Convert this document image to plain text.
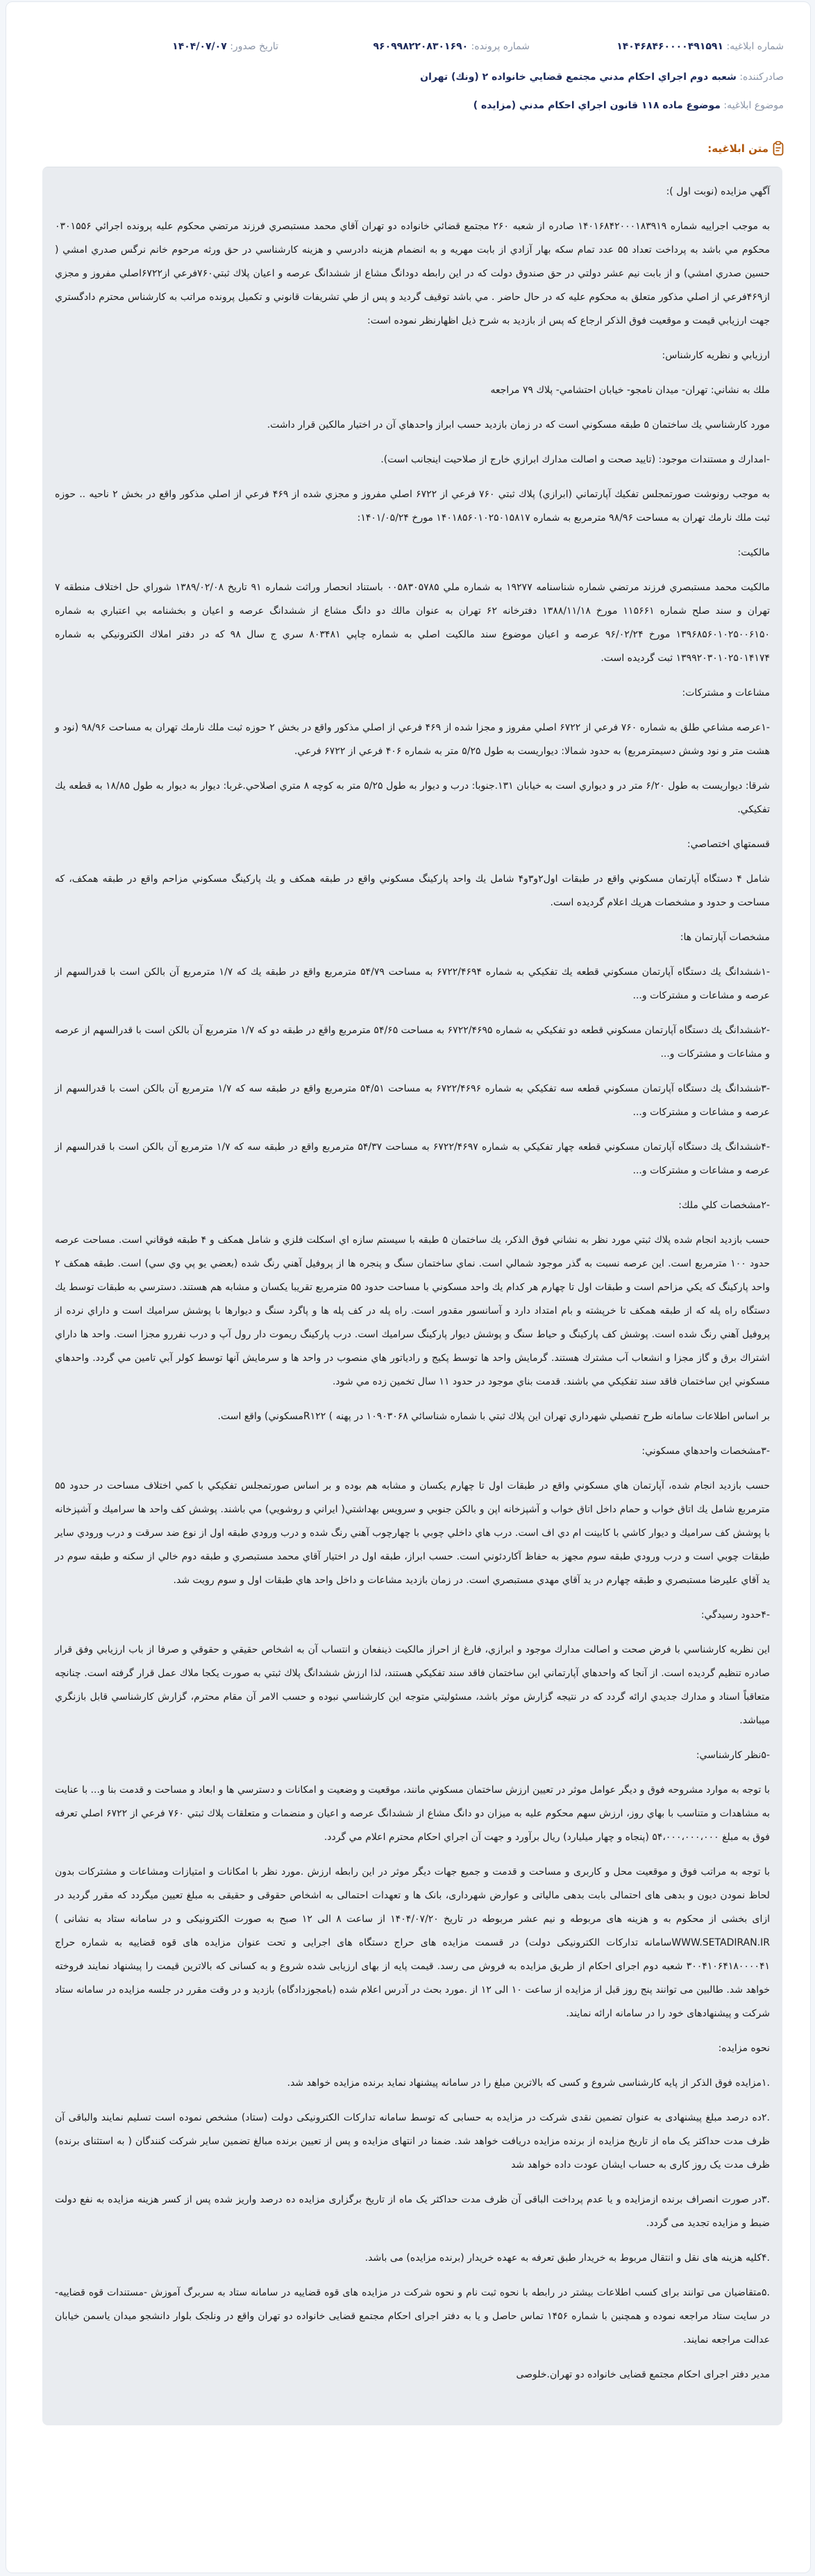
شماره ابلاغيه: ۱۴۰۴۶۸۴۶۰۰۰۰۴۹۱۵۹۱
شماره پرونده: ۹۶۰۹۹۸۲۲۰۸۳۰۱۶۹۰
تاريخ صدور: ۱۴۰۴/۰۷/۰۷
صادركننده: شعبه دوم اجراي احكام مدني مجتمع قضايي خانواده ۲ (ونك) تهران
موضوع ابلاغيه: موضوع ماده ۱۱۸ قانون اجراي احكام مدني (مزايده )
متن ابلاغيه:

آگهي مزايده (نوبت اول ):

به موجب اجراييه شماره ۱۴۰۱۶۸۴۲۰۰۰۱۸۳۹۱۹ صادره از شعبه ۲۶۰ مجتمع قضائي خانواده دو تهران آقاي محمد مستبصري فرزند مرتضي محكوم عليه پرونده اجرائي ۰۳۰۱۵۵۶ محكوم مي باشد به پرداخت تعداد ۵۵ عدد تمام سكه بهار آزادي از بابت مهريه و به انضمام هزينه دادرسي و هزينه كارشناسي در حق ورثه مرحوم خانم نرگس صدري امشي ( حسين صدري امشي) و از بابت نيم عشر دولتي در حق صندوق دولت كه در اين رابطه دودانگ مشاع از ششدانگ عرصه و اعيان پلاك ثبتي۷۶۰فرعي از۶۷۲۲اصلي مفروز و مجزي از۴۶۹فرعي از اصلي مذكور متعلق به محكوم عليه كه در حال حاضر . مي باشد توقيف گرديد و پس از طي تشريفات قانوني و تكميل پرونده مراتب به كارشناس محترم دادگستري جهت ارزيابي قيمت و موقعيت فوق الذكر ارجاع كه پس از بازديد به شرح ذيل اظهارنظر نموده است:

ارزيابي و نظريه كارشناس:

ملك به نشاني: تهران- ميدان نامجو- خيابان احتشامي- پلاك ۷۹ مراجعه

مورد كارشناسي يك ساختمان ۵ طبقه مسكوني است كه در زمان بازديد حسب ابراز واحدهاي آن در اختيار مالكين قرار داشت.

-امدارك و مستندات موجود: (تاييد صحت و اصالت مدارك ابرازي خارج از صلاحيت اينجانب است).

به موجب رونوشت صورتمجلس تفكيك آپارتماني (ابرازي) پلاك ثبتي ۷۶۰ فرعي از ۶۷۲۲ اصلي مفروز و مجزي شده از ۴۶۹ فرعي از اصلي مذكور واقع در بخش ۲ ناحيه .. حوزه ثبت ملك نارمك تهران به مساحت ۹۸/۹۶ مترمربع به شماره ۱۴۰۱۸۵۶۰۱۰۲۵۰۱۵۸۱۷ مورخ ۱۴۰۱/۰۵/۲۴:

مالكيت:

مالكيت محمد مستبصري فرزند مرتضي شماره شناسنامه ۱۹۲۷۷ به شماره ملي ۰۰۵۸۳۰۵۷۸۵ باستناد انحصار وراثت شماره ۹۱ تاريخ ۱۳۸۹/۰۲/۰۸ شوراي حل اختلاف منطقه ۷ تهران و سند صلح شماره ۱۱۵۶۶۱ مورخ ۱۳۸۸/۱۱/۱۸ دفترخانه ۶۲ تهران به عنوان مالك دو دانگ مشاع از ششدانگ عرصه و اعيان و بخشنامه بي اعتباري به شماره ۱۳۹۶۸۵۶۰۱۰۲۵۰۰۶۱۵۰ مورخ ۹۶/۰۲/۲۴ عرصه و اعيان موضوع سند مالكيت اصلي به شماره چاپي ۸۰۳۴۸۱ سري ج سال ۹۸ كه در دفتر املاك الكترونيكي به شماره ۱۳۹۹۲۰۳۰۱۰۲۵۰۱۴۱۷۴ ثبت گرديده است.

مشاعات و مشتركات:

-۱عرصه مشاعي طلق به شماره ۷۶۰ فرعي از ۶۷۲۲ اصلي مفروز و مجزا شده از ۴۶۹ فرعي از اصلي مذكور واقع در بخش ۲ حوزه ثبت ملك نارمك تهران به مساحت ۹۸/۹۶ (نود و هشت متر و نود وشش دسيمترمربع) به حدود شمالا: ديواريست به طول ۵/۲۵ متر به شماره ۴۰۶ فرعي از ۶۷۲۲ فرعي.

شرقا: ديواريست به طول ۶/۲۰ متر در و ديواري است به خيابان ۱۳۱.جنوبا: درب و ديوار به طول ۵/۲۵ متر به كوچه ۸ متري اصلاحي.غربا: ديوار به ديوار به طول ۱۸/۸۵ به قطعه يك تفكيكي.

قسمتهاي اختصاصي:

شامل ۴ دستگاه آپارتمان مسكوني واقع در طبقات اول۲و۳و۴ شامل يك واحد پاركينگ مسكوني واقع در طبقه همكف و يك پاركينگ مسكوني مزاحم واقع در طبقه همكف، كه مساحت و حدود و مشخصات هريك اعلام گرديده است.

مشخصات آپارتمان ها:

-۱ششدانگ يك دستگاه آپارتمان مسكوني قطعه يك تفكيكي به شماره ۶۷۲۲/۴۶۹۴ به مساحت ۵۴/۷۹ مترمربع واقع در طبقه يك كه ۱/۷ مترمربع آن بالكن است با قدرالسهم از عرصه و مشاعات و مشتركات و...

-۲ششدانگ يك دستگاه آپارتمان مسكوني قطعه دو تفكيكي به شماره ۶۷۲۲/۴۶۹۵ به مساحت ۵۴/۶۵ مترمربع واقع در طبقه دو كه ۱/۷ مترمربع آن بالكن است با قدرالسهم از عرصه و مشاعات و مشتركات و...

-۳ششدانگ يك دستگاه آپارتمان مسكوني قطعه سه تفكيكي به شماره ۶۷۲۲/۴۶۹۶ به مساحت ۵۴/۵۱ مترمربع واقع در طبقه سه كه ۱/۷ مترمربع آن بالكن است با قدرالسهم از عرصه و مشاعات و مشتركات و...

-۴ششدانگ يك دستگاه آپارتمان مسكوني قطعه چهار تفكيكي به شماره ۶۷۲۲/۴۶۹۷ به مساحت ۵۴/۳۷ مترمربع واقع در طبقه سه كه ۱/۷ مترمربع آن بالكن است با قدرالسهم از عرصه و مشاعات و مشتركات و...

-۲مشخصات كلي ملك:

حسب بازديد انجام شده پلاك ثبتي مورد نظر به نشاني فوق الذكر، يك ساختمان ۵ طبقه با سيستم سازه اي اسكلت فلزي و شامل همكف و ۴ طبقه فوقاني است. مساحت عرصه حدود ۱۰۰ مترمربع است. اين عرصه نسبت به گذر موجود شمالي است. نماي ساختمان سنگ و پنجره ها از پروفيل آهني رنگ شده (بعضي يو پي وي سي) است. طبقه همكف ۲ واحد پاركينگ كه يكي مزاحم است و طبقات اول تا چهارم هر كدام يك واحد مسكوني با مساحت حدود ۵۵ مترمربع تقريبا يكسان و مشابه هم هستند. دسترسي به طبقات توسط يك دستگاه راه پله كه از طبقه همكف تا خرپشته و بام امتداد دارد و آسانسور مقدور است. راه پله در كف پله ها و پاگرد سنگ و ديوارها با پوشش سراميك است و داراي نرده از پروفيل آهني رنگ شده است. پوشش كف پاركينگ و حياط سنگ و پوشش ديوار پاركينگ سراميك است. درب پاركينگ ريموت دار رول آپ و درب نفررو مجزا است. واحد ها داراي اشتراك برق و گاز مجزا و انشعاب آب مشترك هستند. گرمايش واحد ها توسط پكيج و رادياتور هاي منصوب در واحد ها و سرمايش آنها توسط كولر آبي تامين مي گردد. واحدهاي مسكوني اين ساختمان فاقد سند تفكيكي مي باشند. قدمت بناي موجود در حدود ۱۱ سال تخمين زده مي شود.

بر اساس اطلاعات سامانه طرح تفصيلي شهرداري تهران اين پلاك ثبتي با شماره شناسائي ۱۰۹۰۳۰۶۸ در پهنه ) R۱۲۲مسكوني) واقع است.

-۳مشخصات واحدهاي مسكوني:

حسب بازديد انجام شده، آپارتمان هاي مسكوني واقع در طبقات اول تا چهارم يكسان و مشابه هم بوده و بر اساس صورتمجلس تفكيكي با كمي اختلاف مساحت در حدود ۵۵ مترمربع شامل يك اتاق خواب و حمام داخل اتاق خواب و آشپزخانه اپن و بالكن جنوبي و سرويس بهداشتي( ايراني و روشويي) مي باشند. پوشش كف واحد ها سراميك و آشپزخانه با پوشش كف سراميك و ديوار كاشي با كابينت ام دي اف است. درب هاي داخلي چوبي با چهارچوب آهني رنگ شده و درب ورودي طبقه اول از نوع ضد سرقت و درب ورودي ساير طبقات چوبي است و درب ورودي طبقه سوم مجهز به حفاظ آكاردئوني است. حسب ابراز، طبقه اول در اختيار آقاي محمد مستبصري و طبقه دوم خالي از سكنه و طبقه سوم در يد آقاي عليرضا مستبصري و طبقه چهارم در يد آقاي مهدي مستبصري است. در زمان بازديد مشاعات و داخل واحد هاي طبقات اول و سوم رويت شد.

-۴حدود رسيدگي:

اين نظريه كارشناسي با فرض صحت و اصالت مدارك موجود و ابرازي، فارغ از احراز مالكيت ذينفعان و انتساب آن به اشخاص حقيقي و حقوقي و صرفا از باب ارزيابي وفق قرار صادره تنظيم گرديده است. از آنجا كه واحدهاي آپارتماني اين ساختمان فاقد سند تفكيكي هستند، لذا ارزش ششدانگ پلاك ثبتي به صورت يكجا ملاك عمل قرار گرفته است. چنانچه متعاقباً اسناد و مدارك جديدي ارائه گردد كه در نتيجه گزارش موثر باشد، مسئوليتي متوجه اين كارشناسي نبوده و حسب الامر آن مقام محترم، گزارش كارشناسي قابل بازنگري ميباشد.

-۵نظر كارشناسي:

با توجه به موارد مشروحه فوق و ديگر عوامل موثر در تعيين ارزش ساختمان مسكوني مانند، موقعيت و وضعيت و امكانات و دسترسي ها و ابعاد و مساحت و قدمت بنا و... با عنايت به مشاهدات و متناسب با بهاي روز، ارزش سهم محكوم عليه به ميزان دو دانگ مشاع از ششدانگ عرصه و اعيان و منضمات و متعلقات پلاك ثبتي ۷۶۰ فرعي از ۶۷۲۲ اصلي تعرفه فوق به مبلغ ۵۴،۰۰۰،۰۰۰،۰۰۰ (پنجاه و چهار ميليارد) ريال برآورد و جهت آن اجراي احكام محترم اعلام مي گردد.

با توجه به مراتب فوق و موقعيت محل و كاربری و مساحت و قدمت و جميع جهات ديگر موثر در اين رابطه ارزش .مورد نظر با امكانات و امتيازات ومشاعات و مشتركات بدون لحاظ نمودن ديون و بدهی های احتمالی بابت بدهی مالياتی و عوارض شهرداری، بانک ها و تعهدات احتمالی به اشخاص حقوقی و حقيقی به مبلغ تعيين ميگردد كه مقرر گرديد در ازای بخشی از محكوم به و هزينه های مربوطه و نيم عشر مربوطه در تاريخ ۱۴۰۴/۰۷/۲۰ از ساعت ۸ الی ۱۲ صبح به صورت الكترونيكی و در سامانه ستاد به نشانی ) WWW.SETADIRAN.IRسامانه تداركات الكترونيكی دولت) در قسمت مزايده های حراج دستگاه های اجرايی و تحت عنوان مزايده های قوه قضاييه به شماره حراج ۳۰۰۴۱۰۶۴۱۸۰۰۰۰۴۱ شعبه دوم اجرای احكام از طريق مزايده به فروش می رسد. قيمت پايه از بهای ارزيابی شده شروع و به كسانی كه بالاترين قيمت را پيشنهاد نمايند فروخته خواهد شد. طالبين می توانند پنج روز قبل از مزايده از ساعت ۱۰ الی ۱۲ از .مورد بحث در آدرس اعلام شده (بامجوزدادگاه) بازديد و در وقت مقرر در جلسه مزايده در سامانه ستاد شركت و پيشنهادهای خود را در سامانه ارائه نمايند.

نحوه مزايده:

.۱مزايده فوق الذكر از پايه كارشناسی شروع و كسی كه بالاترين مبلغ را در سامانه پيشنهاد نمايد برنده مزايده خواهد شد.

.۲ده درصد مبلغ پيشنهادی به عنوان تضمين نقدی شركت در مزايده به حسابی كه توسط سامانه تداركات الكترونيكی دولت (ستاد) مشخص نموده است تسليم نمايند والباقی آن ظرف مدت حداكثر يک ماه از تاريخ مزايده از برنده مزايده دريافت خواهد شد. ضمنا در انتهای مزايده و پس از تعيين برنده مبالغ تضمين ساير شركت كنندگان ( به استثنای برنده) ظرف مدت يک روز كاری به حساب ايشان عودت داده خواهد شد

.۳در صورت انصراف برنده ازمزايده و يا عدم پرداخت الباقی آن ظرف مدت حداكثر يک ماه از تاريخ برگزاری مزايده ده درصد واريز شده پس از كسر هزينه مزايده به نفع دولت ضبط و مزايده تجديد می گردد.

.۴كليه هزينه های نقل و انتقال مربوط به خريدار طبق تعرفه به عهده خريدار (برنده مزايده) می باشد.

.۵متقاضيان می توانند برای كسب اطلاعات بيشتر در رابطه با نحوه ثبت نام و نحوه شركت در مزايده های قوه قضاييه در سامانه ستاد به سربرگ آموزش -مستندات قوه قضاييه- در سايت ستاد مراجعه نموده و همچنين با شماره ۱۴۵۶ تماس حاصل و يا به دفتر اجرای احكام مجتمع قضايی خانواده دو تهران واقع در ونلجک بلوار دانشجو ميدان ياسمن خيابان عدالت مراجعه نمايند.

مدير دفتر اجرای احكام مجتمع قضايی خانواده دو تهران.خلوصی
